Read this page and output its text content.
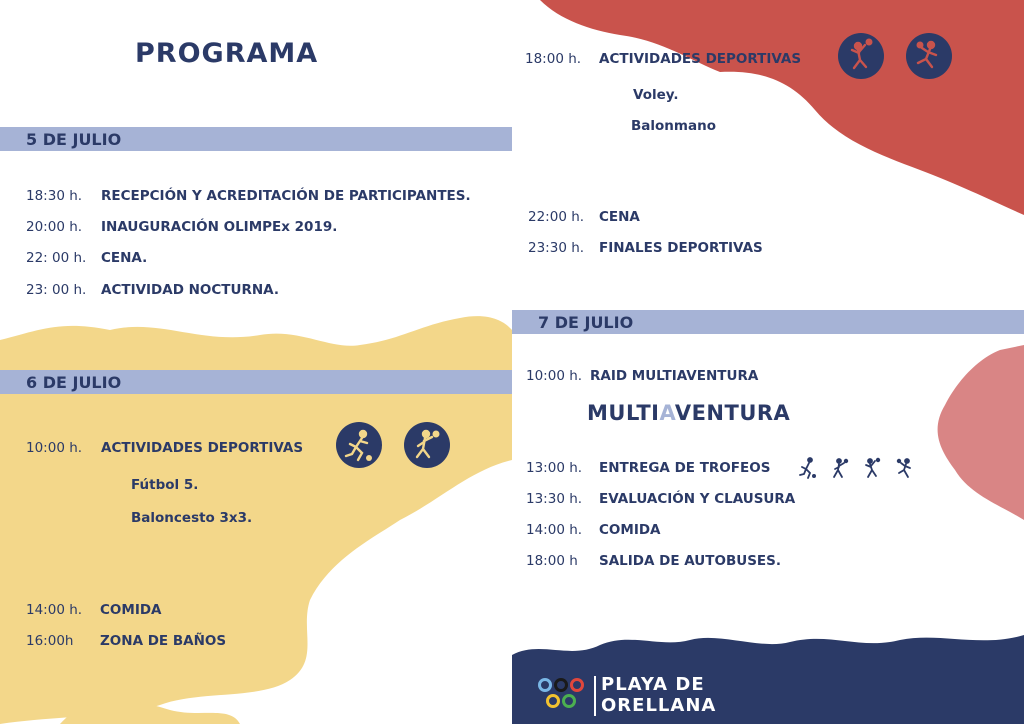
PROGRAMA
5 DE JULIO
18:30 h.	RECEPCIÓN Y ACREDITACIÓN DE PARTICIPANTES.
20:00 h.	INAUGURACIÓN OLIMPEx 2019.
22: 00 h.	CENA.
23: 00 h.	ACTIVIDAD NOCTURNA.
6 DE JULIO
10:00 h.	ACTIVIDADES DEPORTIVAS
Fútbol 5.
Baloncesto 3x3.
14:00 h.	COMIDA
16:00h	ZONA DE BAÑOS
18:00 h.	ACTIVIDADES DEPORTIVAS
Voley.
Balonmano
22:00 h.	CENA
23:30 h.	FINALES DEPORTIVAS
7 DE JULIO
10:00 h. RAID MULTIAVENTURA
MULTIAVENTURA
13:00 h.	ENTREGA DE TROFEOS
13:30 h.	EVALUACIÓN Y CLAUSURA
14:00 h.	COMIDA
18:00 h	SALIDA DE AUTOBUSES.
PLAYA DE
ORELLANA
